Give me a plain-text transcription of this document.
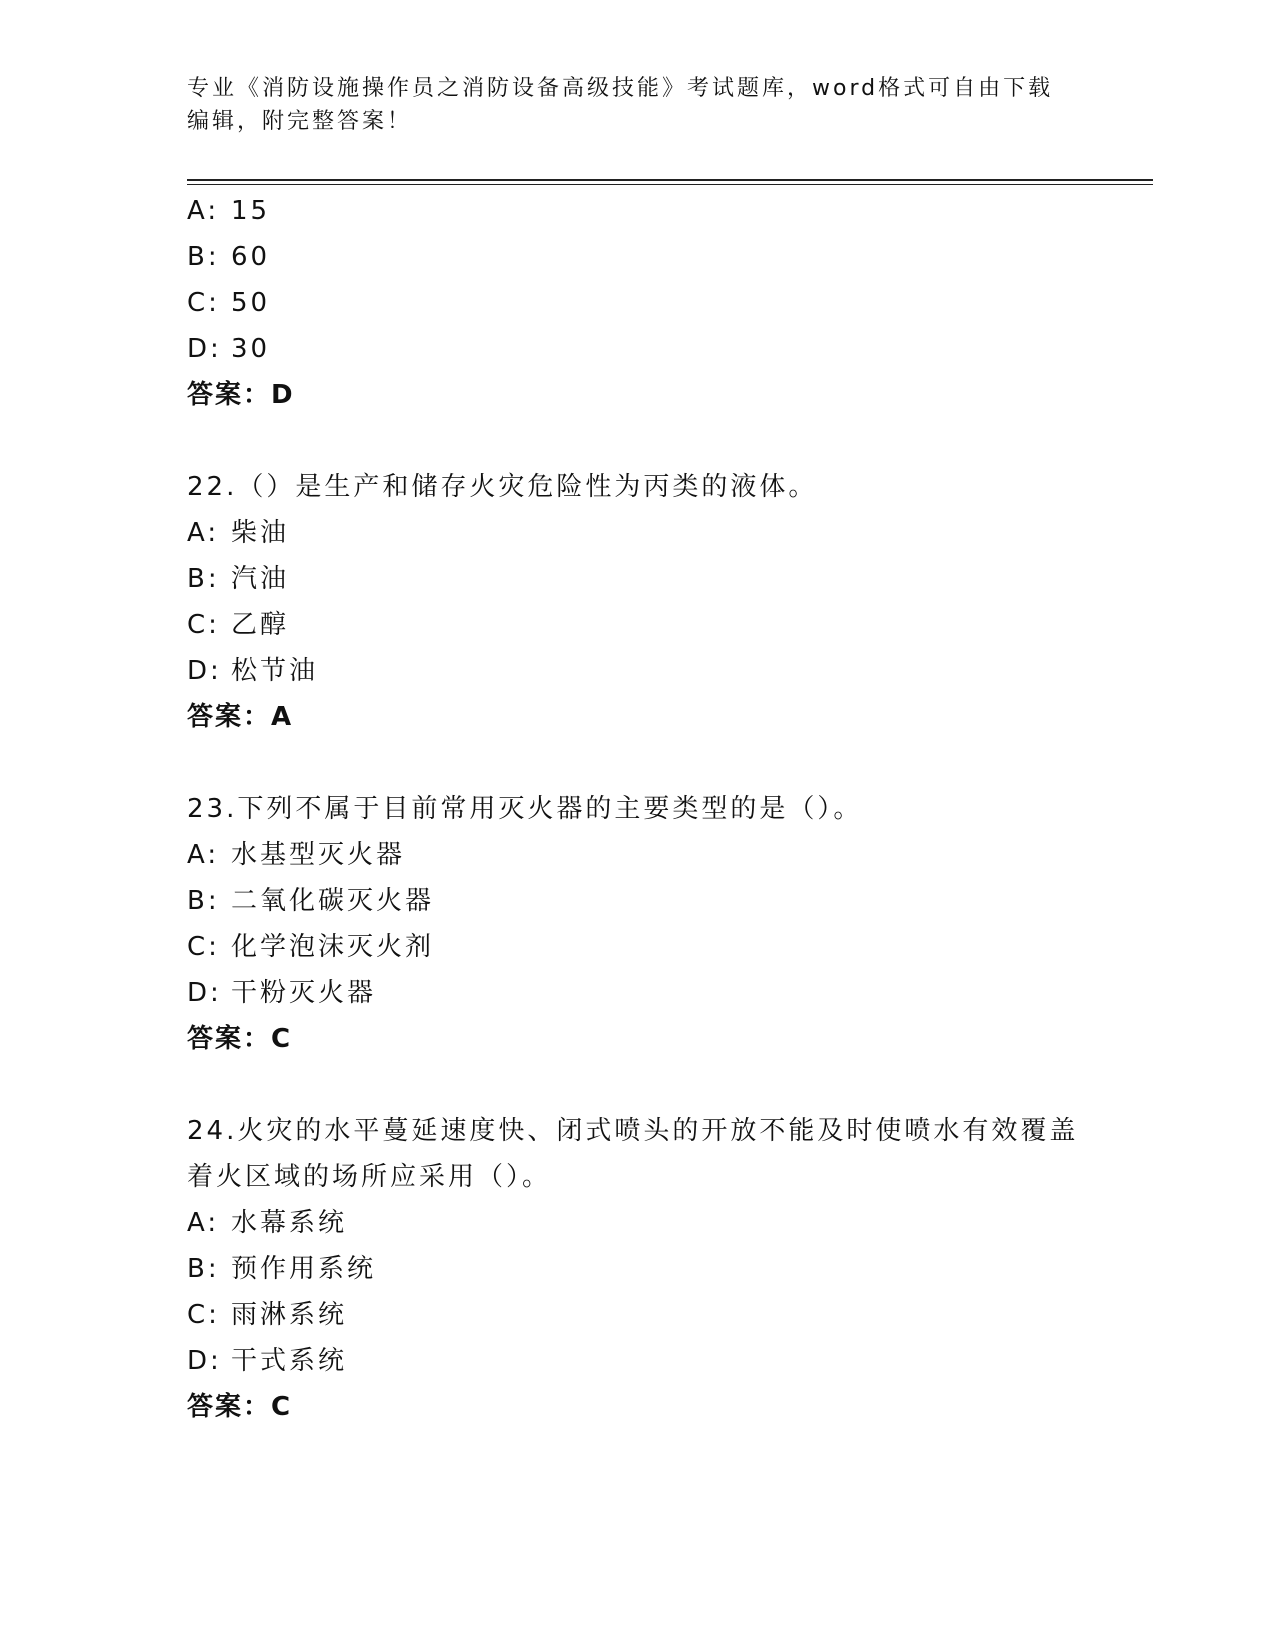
专业《消防设施操作员之消防设备高级技能》考试题库，word格式可自由下载编辑，附完整答案！
A: 15
B: 60
C: 50
D: 30
答案：D
22.（）是生产和储存火灾危险性为丙类的液体。
A: 柴油
B: 汽油
C: 乙醇
D: 松节油
答案：A
23.下列不属于目前常用灭火器的主要类型的是（）。
A: 水基型灭火器
B: 二氧化碳灭火器
C: 化学泡沫灭火剂
D: 干粉灭火器
答案：C
24.火灾的水平蔓延速度快、闭式喷头的开放不能及时使喷水有效覆盖着火区域的场所应采用（）。
A: 水幕系统
B: 预作用系统
C: 雨淋系统
D: 干式系统
答案：C
